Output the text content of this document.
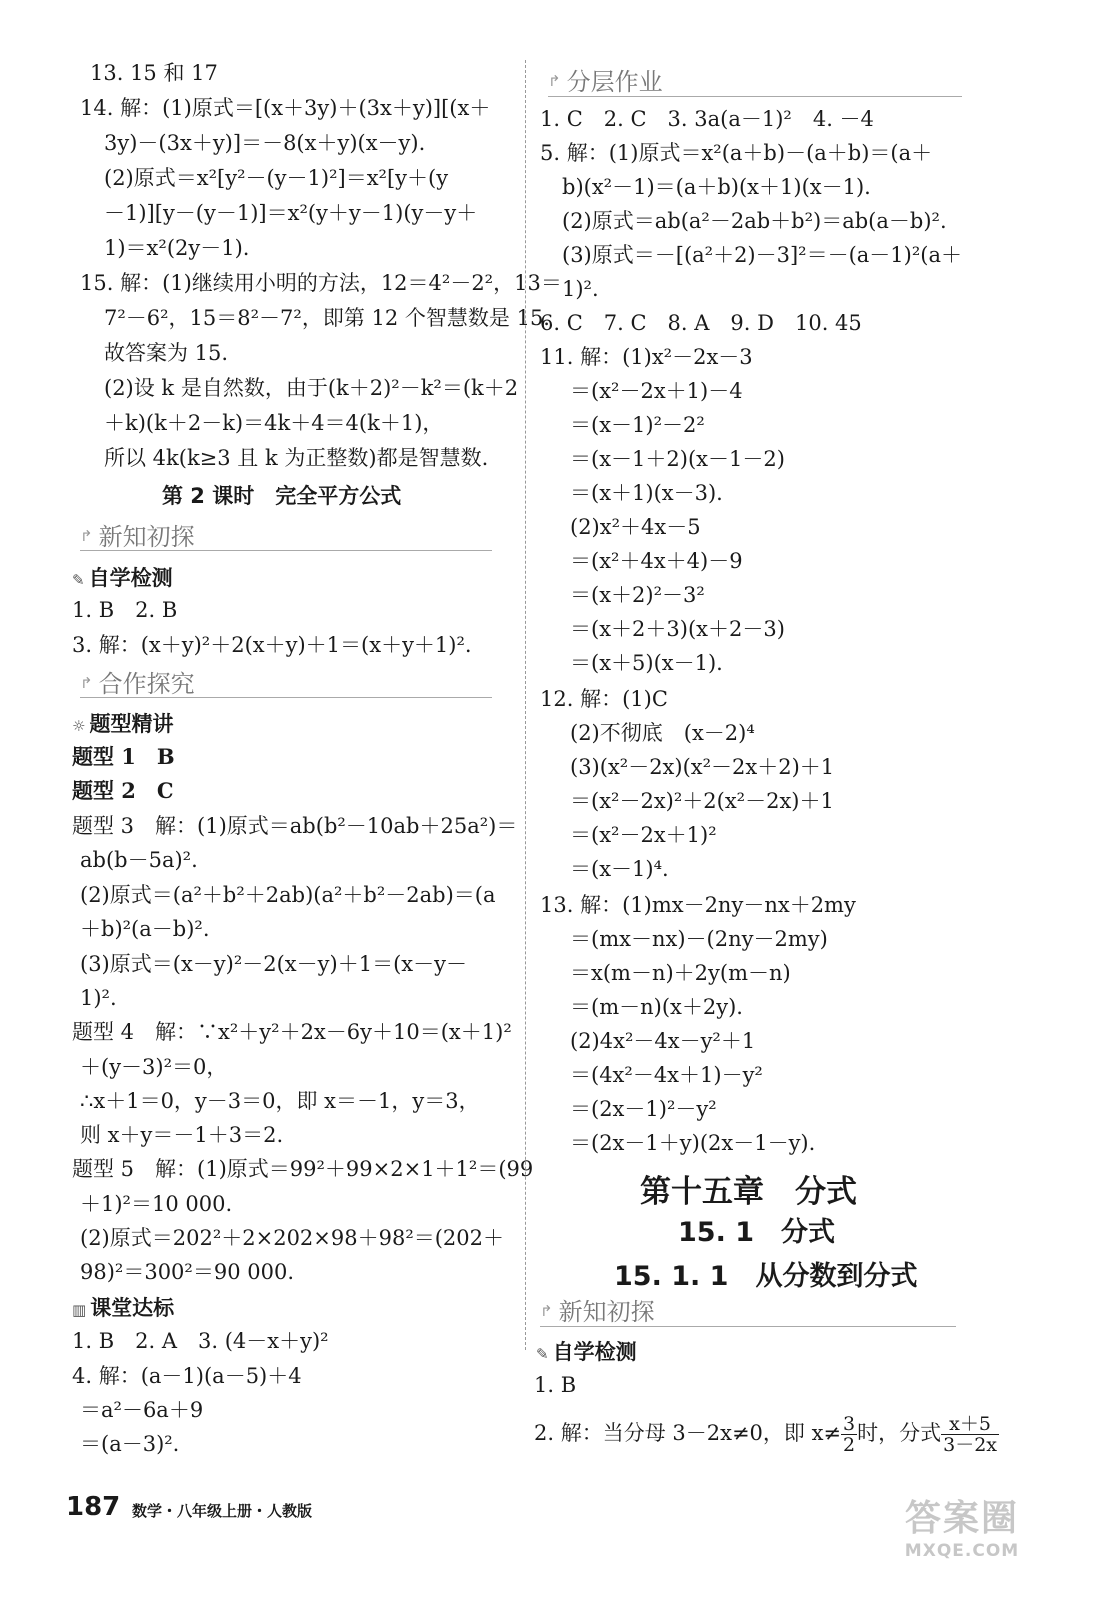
13. 15 和 17
14. 解：(1)原式＝[(x＋3y)＋(3x＋y)][(x＋
3y)－(3x＋y)]＝－8(x＋y)(x－y).
(2)原式＝x²[y²－(y－1)²]＝x²[y＋(y
－1)][y－(y－1)]＝x²(y＋y－1)(y－y＋
1)＝x²(2y－1).
15. 解：(1)继续用小明的方法，12＝4²－2²，13＝
7²－6²，15＝8²－7²，即第 12 个智慧数是 15.
故答案为 15.
(2)设 k 是自然数，由于(k＋2)²－k²＝(k＋2
＋k)(k＋2－k)＝4k＋4＝4(k＋1)，
所以 4k(k≥3 且 k 为正整数)都是智慧数.
第 2 课时　完全平方公式
↱ 新知初探
✎ 自学检测
1. B　2. B
3. 解：(x＋y)²＋2(x＋y)＋1＝(x＋y＋1)².
↱ 合作探究
☼ 题型精讲
题型 1　B
题型 2　C
题型 3　解：(1)原式＝ab(b²－10ab＋25a²)＝
ab(b－5a)².
(2)原式＝(a²＋b²＋2ab)(a²＋b²－2ab)＝(a
＋b)²(a－b)².
(3)原式＝(x－y)²－2(x－y)＋1＝(x－y－
1)².
题型 4　解：∵x²＋y²＋2x－6y＋10＝(x＋1)²
＋(y－3)²＝0，
∴x＋1＝0，y－3＝0，即 x＝－1，y＝3，
则 x＋y＝－1＋3＝2.
题型 5　解：(1)原式＝99²＋99×2×1＋1²＝(99
＋1)²＝10 000.
(2)原式＝202²＋2×202×98＋98²＝(202＋
98)²＝300²＝90 000.
▥ 课堂达标
1. B　2. A　3. (4－x＋y)²
4. 解：(a－1)(a－5)＋4
＝a²－6a＋9
＝(a－3)².
↱ 分层作业
1. C　2. C　3. 3a(a－1)²　4. －4
5. 解：(1)原式＝x²(a＋b)－(a＋b)＝(a＋
b)(x²－1)＝(a＋b)(x＋1)(x－1).
(2)原式＝ab(a²－2ab＋b²)＝ab(a－b)².
(3)原式＝－[(a²＋2)－3]²＝－(a－1)²(a＋
1)².
6. C　7. C　8. A　9. D　10. 45
11. 解：(1)x²－2x－3
＝(x²－2x＋1)－4
＝(x－1)²－2²
＝(x－1＋2)(x－1－2)
＝(x＋1)(x－3).
(2)x²＋4x－5
＝(x²＋4x＋4)－9
＝(x＋2)²－3²
＝(x＋2＋3)(x＋2－3)
＝(x＋5)(x－1).
12. 解：(1)C
(2)不彻底　(x－2)⁴
(3)(x²－2x)(x²－2x＋2)＋1
＝(x²－2x)²＋2(x²－2x)＋1
＝(x²－2x＋1)²
＝(x－1)⁴.
13. 解：(1)mx－2ny－nx＋2my
＝(mx－nx)－(2ny－2my)
＝x(m－n)＋2y(m－n)
＝(m－n)(x＋2y).
(2)4x²－4x－y²＋1
＝(4x²－4x＋1)－y²
＝(2x－1)²－y²
＝(2x－1＋y)(2x－1－y).
第十五章　分式
15. 1　分式
15. 1. 1　从分数到分式
↱ 新知初探
✎ 自学检测
1. B
2. 解：当分母 3－2x≠0，即 $x\ne \frac{3}{2}$ 时，分式 $\frac{x+5}{3-2x}$
187 数学・八年级上册・人教版	答案圈
MXQE.COM
